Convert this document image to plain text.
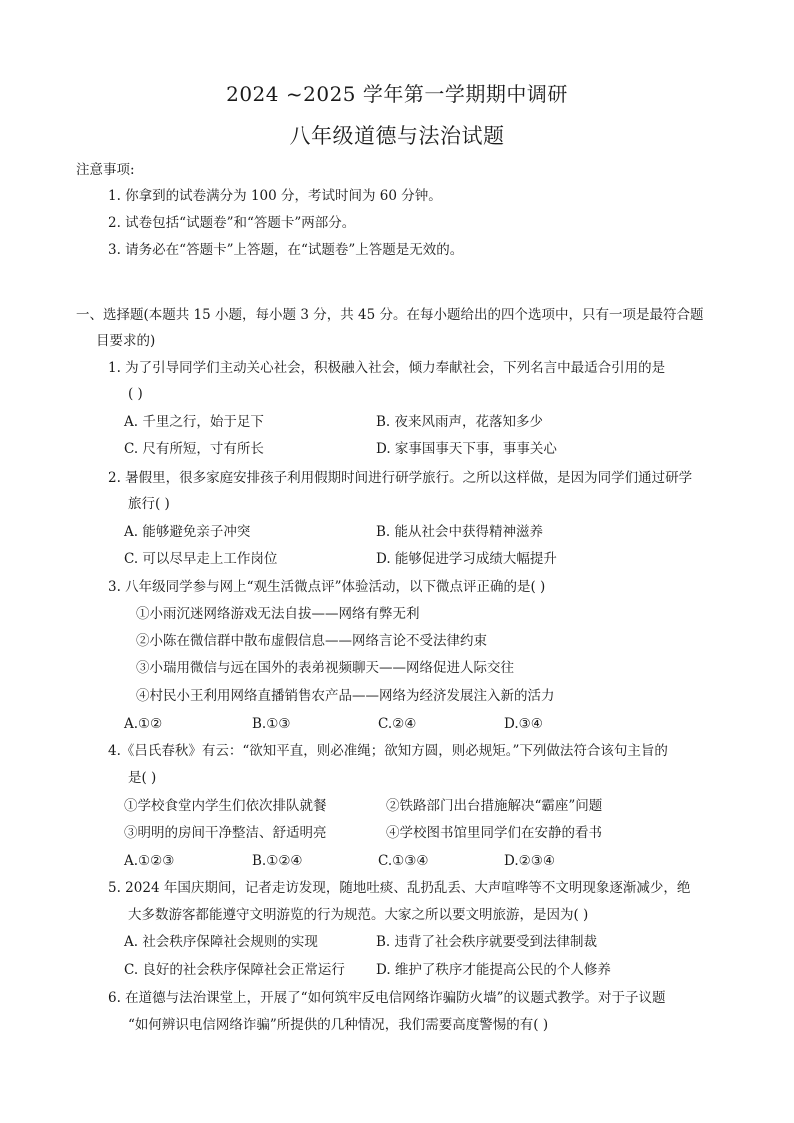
2024 ~2025 学年第一学期期中调研
八年级道德与法治试题
注意事项:
1. 你拿到的试卷满分为 100 分，考试时间为 60 分钟。
2. 试卷包括“试题卷”和“答题卡”两部分。
3. 请务必在“答题卡”上答题，在“试题卷”上答题是无效的。
一、选择题(本题共 15 小题，每小题 3 分，共 45 分。在每小题给出的四个选项中，只有一项是最符合题
目要求的)
1. 为了引导同学们主动关心社会，积极融入社会，倾力奉献社会，下列名言中最适合引用的是
( )
A. 千里之行，始于足下	B. 夜来风雨声，花落知多少
C. 尺有所短，寸有所长	D. 家事国事天下事，事事关心
2. 暑假里，很多家庭安排孩子利用假期时间进行研学旅行。之所以这样做，是因为同学们通过研学
旅行( )
A. 能够避免亲子冲突	B. 能从社会中获得精神滋养
C. 可以尽早走上工作岗位	D. 能够促进学习成绩大幅提升
3. 八年级同学参与网上“观生活微点评”体验活动，以下微点评正确的是( )
①小雨沉迷网络游戏无法自拔——网络有弊无利
②小陈在微信群中散布虚假信息——网络言论不受法律约束
③小瑞用微信与远在国外的表弟视频聊天——网络促进人际交往
④村民小王利用网络直播销售农产品——网络为经济发展注入新的活力
A.①②	B.①③	C.②④	D.③④
4.《吕氏春秋》有云：“欲知平直，则必准绳；欲知方圆，则必规矩。”下列做法符合该句主旨的
是( )
①学校食堂内学生们依次排队就餐	②铁路部门出台措施解决“霸座”问题
③明明的房间干净整洁、舒适明亮	④学校图书馆里同学们在安静的看书
A.①②③	B.①②④	C.①③④	D.②③④
5. 2024 年国庆期间，记者走访发现，随地吐痰、乱扔乱丢、大声喧哗等不文明现象逐渐减少，绝
大多数游客都能遵守文明游览的行为规范。大家之所以要文明旅游，是因为( )
A. 社会秩序保障社会规则的实现	B. 违背了社会秩序就要受到法律制裁
C. 良好的社会秩序保障社会正常运行 D. 维护了秩序才能提高公民的个人修养
6. 在道德与法治课堂上，开展了“如何筑牢反电信网络诈骗防火墙”的议题式教学。对于子议题
“如何辨识电信网络诈骗”所提供的几种情况，我们需要高度警惕的有( )
